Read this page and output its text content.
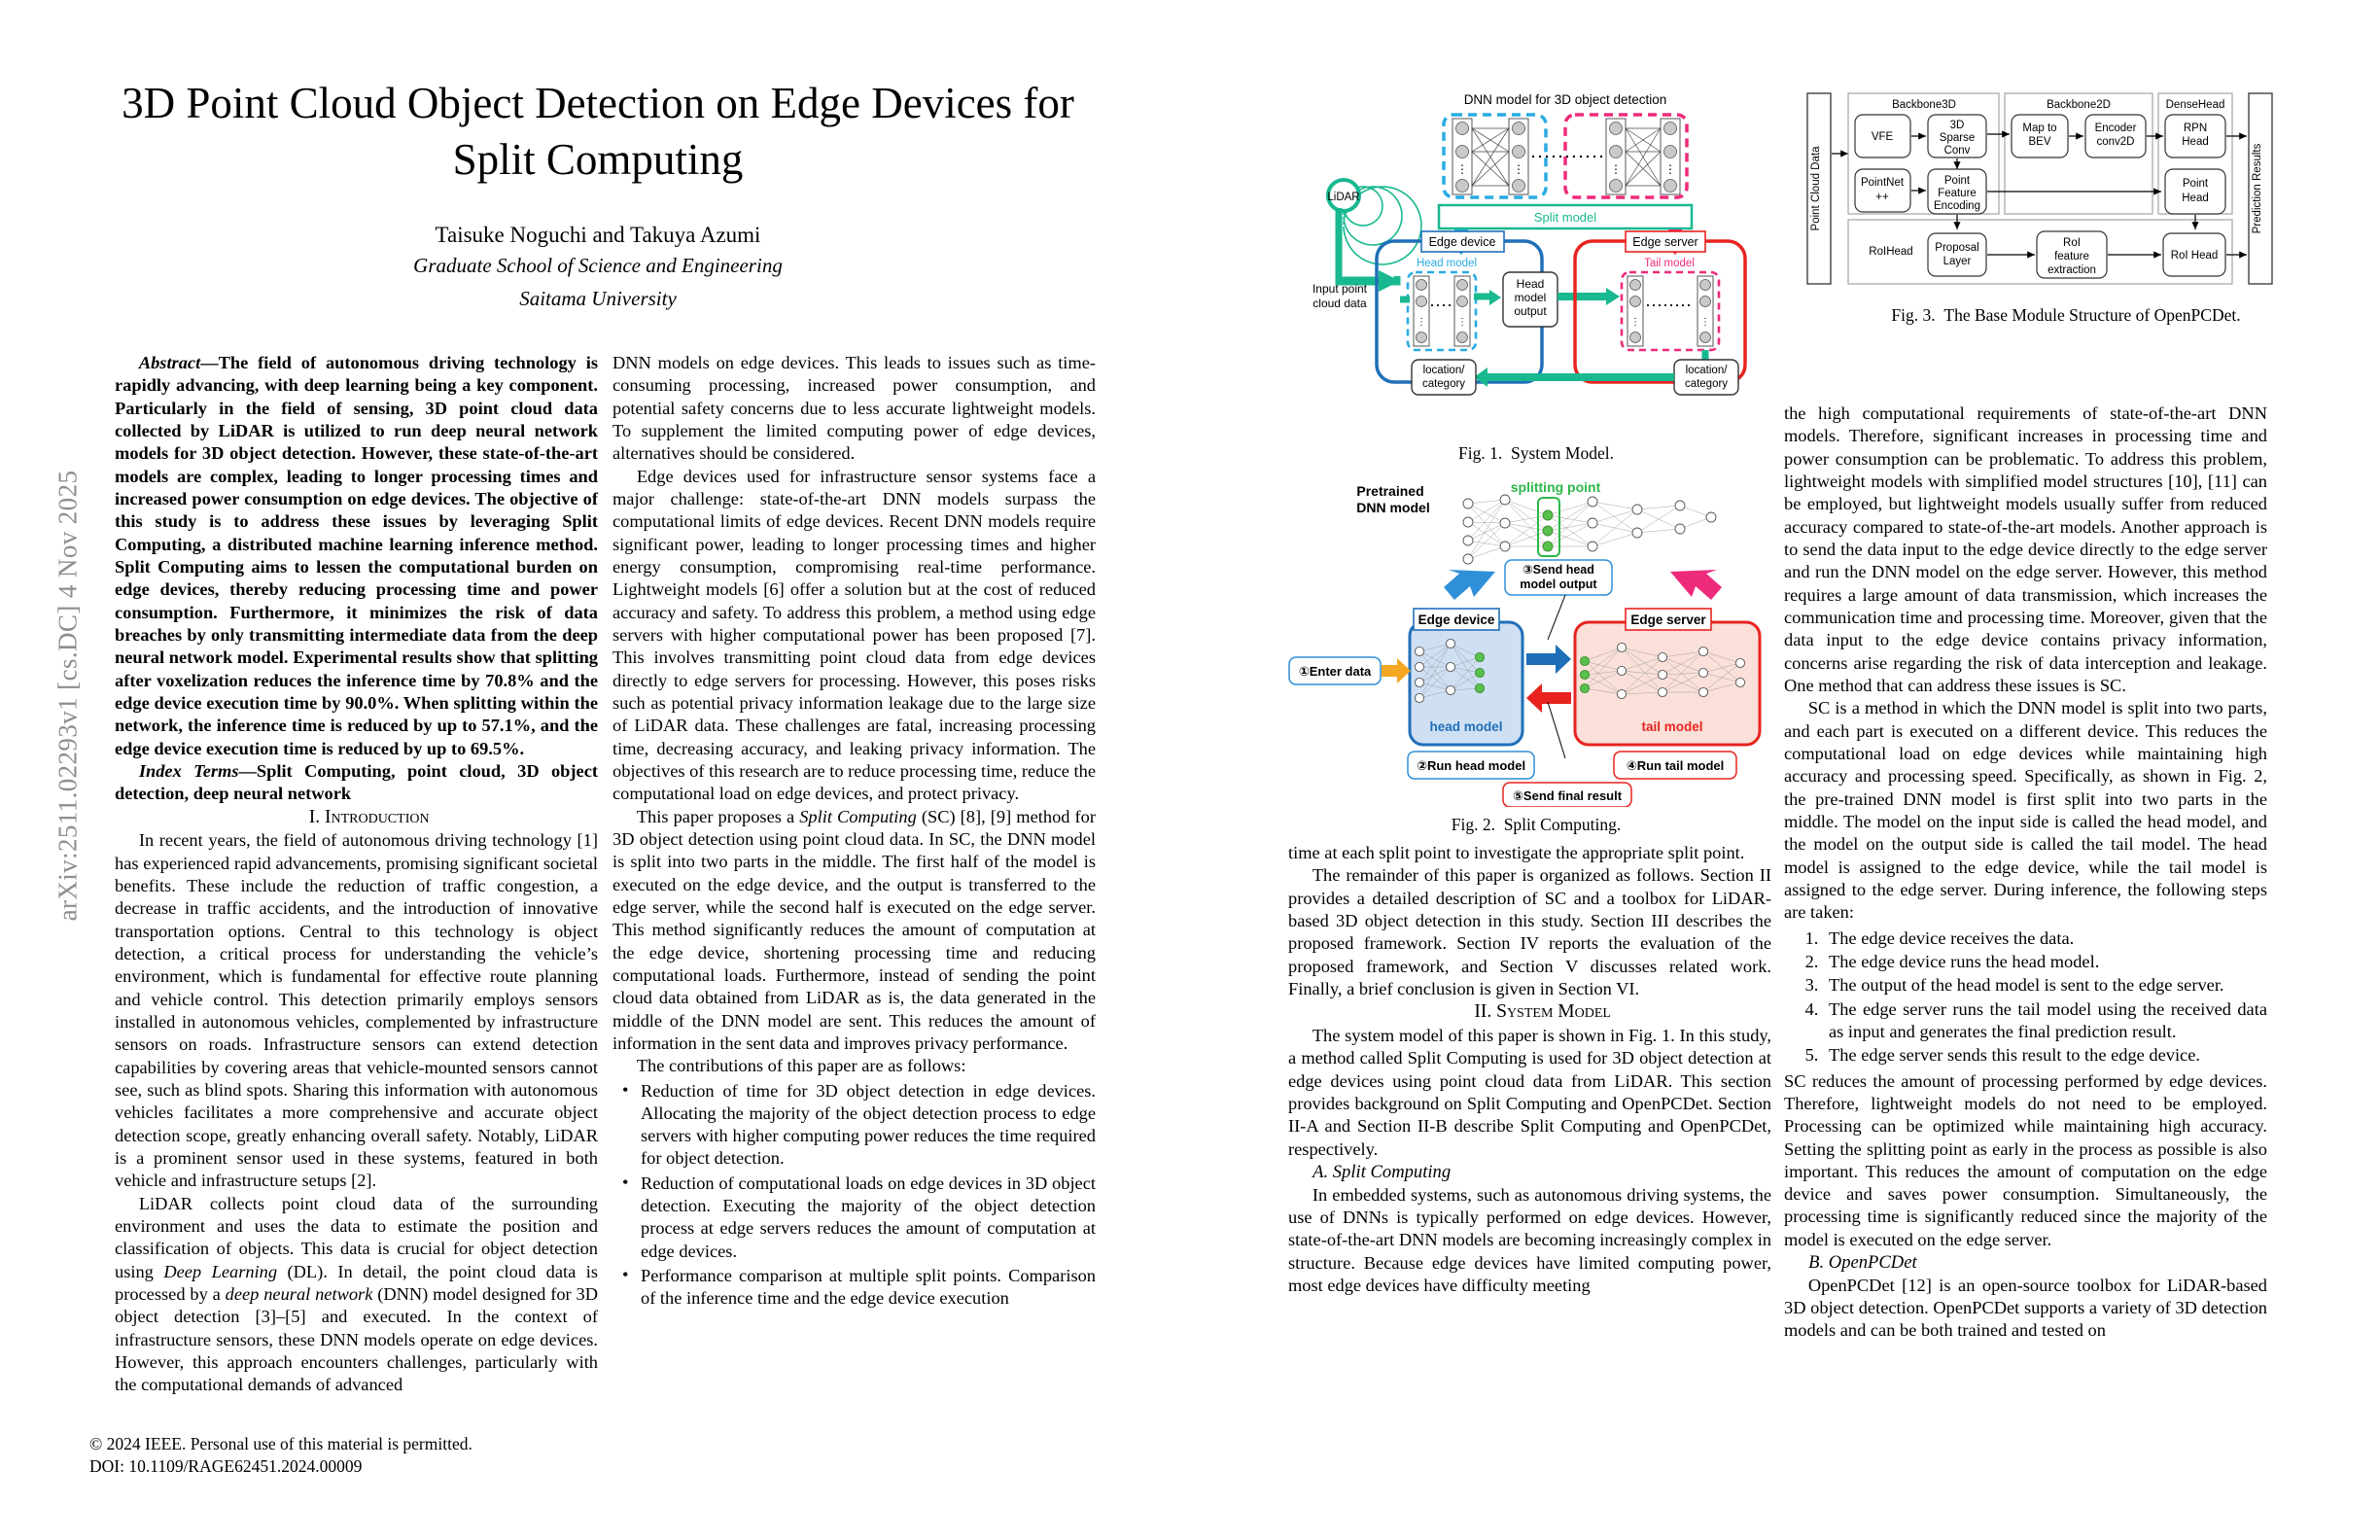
arXiv:2511.02293v1 [cs.DC] 4 Nov 2025
3D Point Cloud Object Detection on Edge Devices for Split Computing
Taisuke Noguchi and Takuya Azumi
Graduate School of Science and Engineering
Saitama University

Abstract—The field of autonomous driving technology is rapidly advancing, with deep learning being a key component. Particularly in the field of sensing, 3D point cloud data collected by LiDAR is utilized to run deep neural network models for 3D object detection. However, these state-of-the-art models are complex, leading to longer processing times and increased power consumption on edge devices. The objective of this study is to address these issues by leveraging Split Computing, a distributed machine learning inference method. Split Computing aims to lessen the computational burden on edge devices, thereby reducing processing time and power consumption. Furthermore, it minimizes the risk of data breaches by only transmitting intermediate data from the deep neural network model. Experimental results show that splitting after voxelization reduces the inference time by 70.8% and the edge device execution time by 90.0%. When splitting within the network, the inference time is reduced by up to 57.1%, and the edge device execution time is reduced by up to 69.5%.

Index Terms—Split Computing, point cloud, 3D object detection, deep neural network

I. Introduction

In recent years, the field of autonomous driving technology [1] has experienced rapid advancements, promising significant societal benefits. These include the reduction of traffic congestion, a decrease in traffic accidents, and the introduction of innovative transportation options. Central to this technology is object detection, a critical process for understanding the vehicle’s environment, which is fundamental for effective route planning and vehicle control. This detection primarily employs sensors installed in autonomous vehicles, complemented by infrastructure sensors on roads. Infrastructure sensors can extend detection capabilities by covering areas that vehicle-mounted sensors cannot see, such as blind spots. Sharing this information with autonomous vehicles facilitates a more comprehensive and accurate object detection scope, greatly enhancing overall safety. Notably, LiDAR is a prominent sensor used in these systems, featured in both vehicle and infrastructure setups [2].

LiDAR collects point cloud data of the surrounding environment and uses the data to estimate the position and classification of objects. This data is crucial for object detection using Deep Learning (DL). In detail, the point cloud data is processed by a deep neural network (DNN) model designed for 3D object detection [3]–[5] and executed. In the context of infrastructure sensors, these DNN models operate on edge devices. However, this approach encounters challenges, particularly with the computational demands of advanced

DNN models on edge devices. This leads to issues such as time-consuming processing, increased power consumption, and potential safety concerns due to less accurate lightweight models. To supplement the limited computing power of edge devices, alternatives should be considered.

Edge devices used for infrastructure sensor systems face a major challenge: state-of-the-art DNN models surpass the computational limits of edge devices. Recent DNN models require significant power, leading to longer processing times and higher energy consumption, compromising real-time performance. Lightweight models [6] offer a solution but at the cost of reduced accuracy and safety. To address this problem, a method using edge servers with higher computational power has been proposed [7]. This involves transmitting point cloud data from edge devices directly to edge servers for processing. However, this poses risks such as potential privacy information leakage due to the large size of LiDAR data. These challenges are fatal, increasing processing time, decreasing accuracy, and leaking privacy information. The objectives of this research are to reduce processing time, reduce the computational load on edge devices, and protect privacy.

This paper proposes a Split Computing (SC) [8], [9] method for 3D object detection using point cloud data. In SC, the DNN model is split into two parts in the middle. The first half of the model is executed on the edge device, and the output is transferred to the edge server, while the second half is executed on the edge server. This method significantly reduces the amount of computation at the edge device, shortening processing time and reducing computational loads. Furthermore, instead of sending the point cloud data obtained from LiDAR as is, the data generated in the middle of the DNN model are sent. This reduces the amount of information in the sent data and improves privacy performance.

The contributions of this paper are as follows:

• Reduction of time for 3D object detection in edge devices. Allocating the majority of the object detection process to edge servers with higher computing power reduces the time required for object detection.
• Reduction of computational loads on edge devices in 3D object detection. Executing the majority of the object detection process at edge servers reduces the amount of computation at edge devices.
• Performance comparison at multiple split points. Comparison of the inference time and the edge device execution
DNN model for 3D object detection
⋮	⋮	⋮	⋮
Split model
LiDAR
Input point
cloud data
Edge device
Head model
⋮	⋮
Head
model
output
Edge server
Tail model
⋮	⋮
location/
category
location/
category
Fig. 1. System Model.
Pretrained
DNN model
splitting point
③Send head
model output
Edge device
head model
①Enter data
Edge server
tail model
②Run head model	④Run tail model
⑤Send final result
Fig. 2. Split Computing.

time at each split point to investigate the appropriate split point.

The remainder of this paper is organized as follows. Section II provides a detailed description of SC and a toolbox for LiDAR-based 3D object detection in this study. Section III describes the proposed framework. Section IV reports the evaluation of the proposed framework, and Section V discusses related work. Finally, a brief conclusion is given in Section VI.

II. System Model

The system model of this paper is shown in Fig. 1. In this study, a method called Split Computing is used for 3D object detection at edge devices using point cloud data from LiDAR. This section provides background on Split Computing and OpenPCDet. Section II-A and Section II-B describe Split Computing and OpenPCDet, respectively.

A. Split Computing

In embedded systems, such as autonomous driving systems, the use of DNNs is typically performed on edge devices. However, state-of-the-art DNN models are becoming increasingly complex in structure. Because edge devices have limited computing power, most edge devices have difficulty meeting

Point Cloud Data
Backbone3D	Backbone2D	DenseHead
RoIHead
VFE
3D
Sparse
Conv
PointNet
++
Point
Feature
Encoding
Map to
BEV
Encoder
conv2D
RPN
Head
Point
Head
Proposal
Layer
RoI
feature
extraction
RoI Head
Prediction Results
Fig. 3. The Base Module Structure of OpenPCDet.

the high computational requirements of state-of-the-art DNN models. Therefore, significant increases in processing time and power consumption can be problematic. To address this problem, lightweight models with simplified model structures [10], [11] can be employed, but lightweight models usually suffer from reduced accuracy compared to state-of-the-art models. Another approach is to send the data input to the edge device directly to the edge server and run the DNN model on the edge server. However, this method requires a large amount of data transmission, which increases the communication time and processing time. Moreover, given that the data input to the edge device contains privacy information, concerns arise regarding the risk of data interception and leakage. One method that can address these issues is SC.

SC is a method in which the DNN model is split into two parts, and each part is executed on a different device. This reduces the computational load on edge devices while maintaining high accuracy and processing speed. Specifically, as shown in Fig. 2, the pre-trained DNN model is first split into two parts in the middle. The model on the input side is called the head model, and the model on the output side is called the tail model. The head model is assigned to the edge device, while the tail model is assigned to the edge server. During inference, the following steps are taken:

1. The edge device receives the data.
2. The edge device runs the head model.
3. The output of the head model is sent to the edge server.
4. The edge server runs the tail model using the received data as input and generates the final prediction result.
5. The edge server sends this result to the edge device.

SC reduces the amount of processing performed by edge devices. Therefore, lightweight models do not need to be employed. Processing can be optimized while maintaining high accuracy. Setting the splitting point as early in the process as possible is also important. This reduces the amount of computation on the edge device and saves power consumption. Simultaneously, the processing time is significantly reduced since the majority of the model is executed on the edge server.

B. OpenPCDet

OpenPCDet [12] is an open-source toolbox for LiDAR-based 3D object detection. OpenPCDet supports a variety of 3D detection models and can be both trained and tested on

© 2024 IEEE. Personal use of this material is permitted.
DOI: 10.1109/RAGE62451.2024.00009
